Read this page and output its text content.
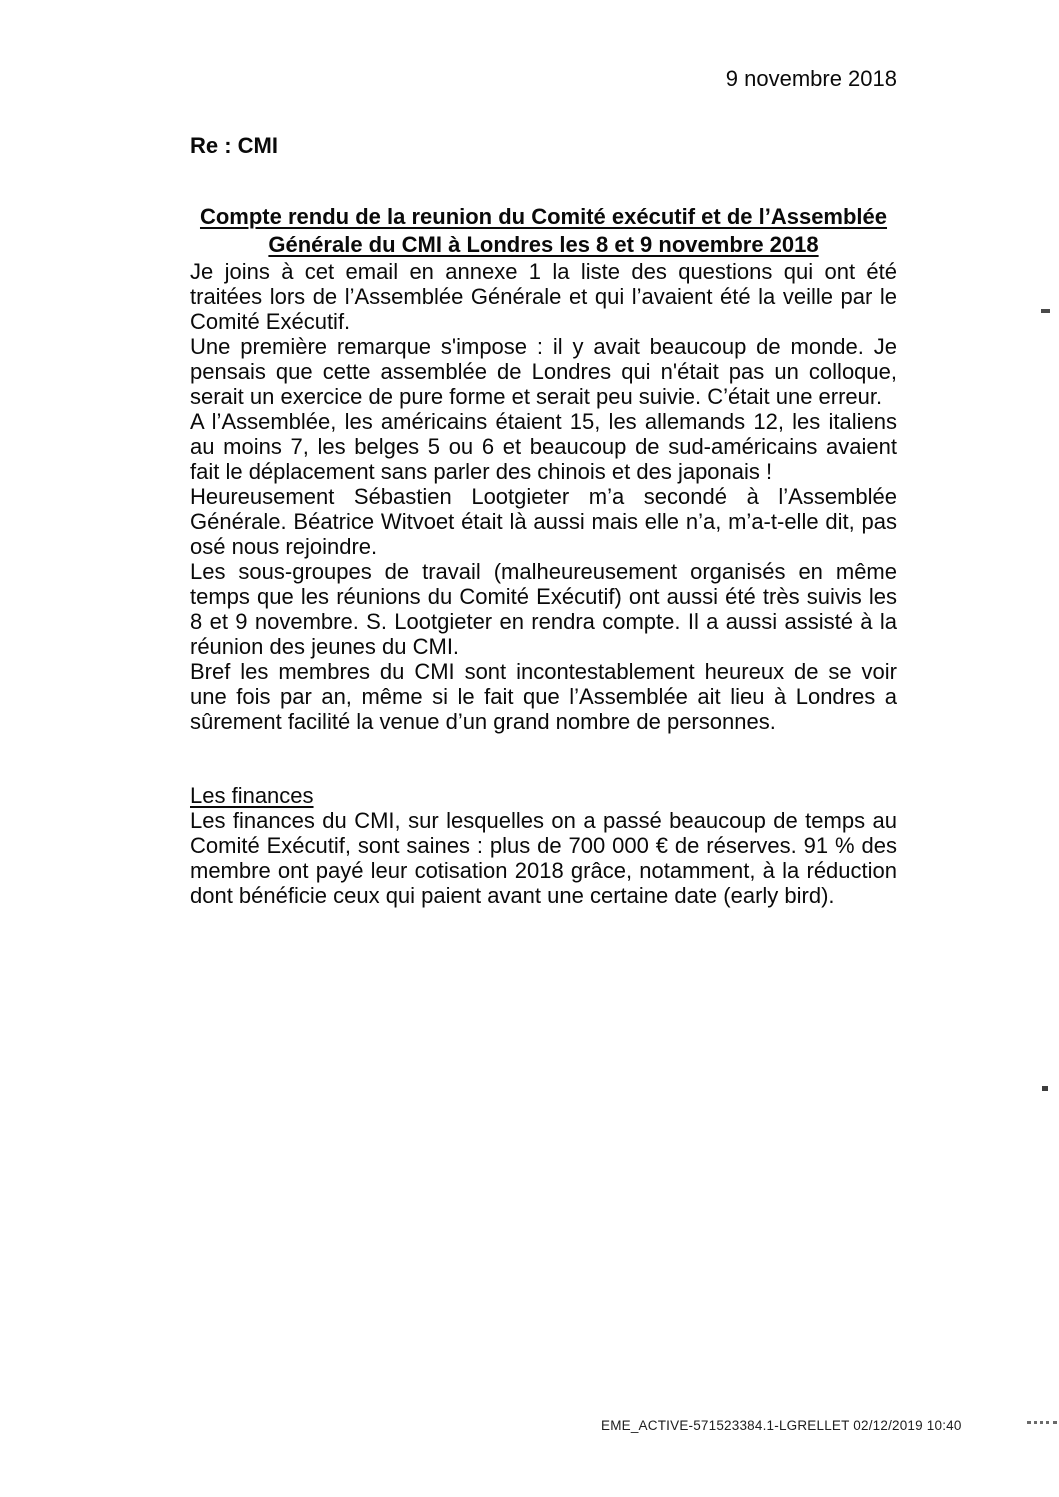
9 novembre 2018
Re : CMI
Compte rendu de la reunion du Comité exécutif et de l’Assemblée
Générale du CMI à Londres les 8 et 9 novembre 2018

Je joins à cet email en annexe 1 la liste des questions qui ont été traitées lors de l’Assemblée Générale et qui l’avaient été la veille par le Comité Exécutif.

Une première remarque s'impose : il y avait beaucoup de monde. Je pensais que cette assemblée de Londres qui n'était pas un colloque, serait un exercice de pure forme et serait peu suivie. C’était une erreur.

A l’Assemblée, les américains étaient 15, les allemands 12, les italiens au moins 7, les belges 5 ou 6 et beaucoup de sud-américains avaient fait le déplacement sans parler des chinois et des japonais !

Heureusement Sébastien Lootgieter m’a secondé à l’Assemblée Générale. Béatrice Witvoet était là aussi mais elle n’a, m’a-t-elle dit, pas osé nous rejoindre.

Les sous-groupes de travail (malheureusement organisés en même temps que les réunions du Comité Exécutif) ont aussi été très suivis les 8 et 9 novembre. S. Lootgieter en rendra compte. Il a aussi assisté à la réunion des jeunes du CMI.

Bref les membres du CMI sont incontestablement heureux de se voir une fois par an, même si le fait que l’Assemblée ait lieu à Londres a sûrement facilité la venue d’un grand nombre de personnes.

Les finances

Les finances du CMI, sur lesquelles on a passé beaucoup de temps au Comité Exécutif, sont saines : plus de 700 000 € de réserves. 91 % des membre ont payé leur cotisation 2018 grâce, notamment, à la réduction dont bénéficie ceux qui paient avant une certaine date (early bird).

EME_ACTIVE-571523384.1-LGRELLET 02/12/2019 10:40
